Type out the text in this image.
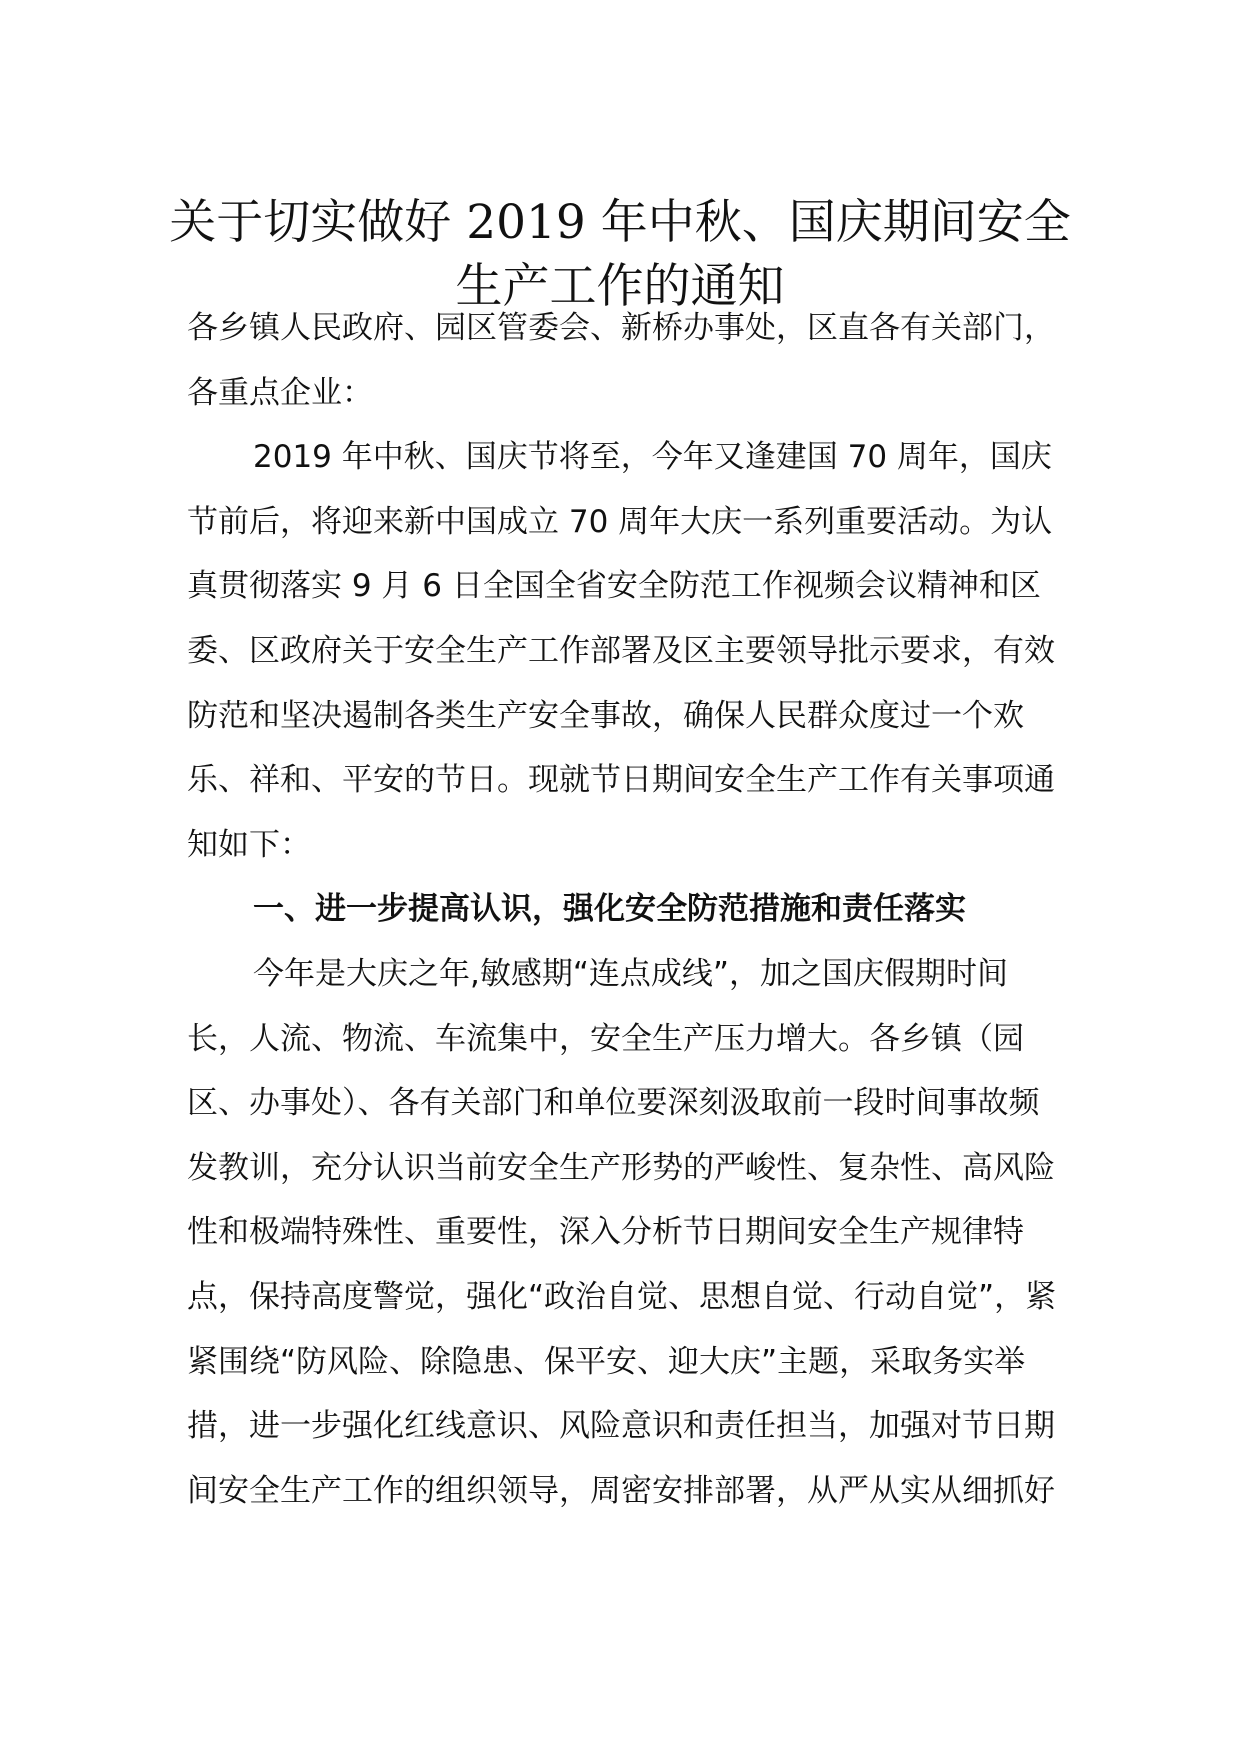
关于切实做好 2019 年中秋、国庆期间安全
生产工作的通知

各乡镇人民政府、园区管委会、新桥办事处，区直各有关部门，各重点企业：

2019 年中秋、国庆节将至，今年又逢建国 70 周年，国庆节前后，将迎来新中国成立 70 周年大庆一系列重要活动。为认真贯彻落实 9 月 6 日全国全省安全防范工作视频会议精神和区委、区政府关于安全生产工作部署及区主要领导批示要求，有效防范和坚决遏制各类生产安全事故，确保人民群众度过一个欢乐、祥和、平安的节日。现就节日期间安全生产工作有关事项通知如下：

一、进一步提高认识，强化安全防范措施和责任落实

今年是大庆之年,敏感期“连点成线”，加之国庆假期时间长，人流、物流、车流集中，安全生产压力增大。各乡镇（园区、办事处）、各有关部门和单位要深刻汲取前一段时间事故频发教训，充分认识当前安全生产形势的严峻性、复杂性、高风险性和极端特殊性、重要性，深入分析节日期间安全生产规律特点，保持高度警觉，强化“政治自觉、思想自觉、行动自觉”，紧紧围绕“防风险、除隐患、保平安、迎大庆”主题，采取务实举措，进一步强化红线意识、风险意识和责任担当，加强对节日期间安全生产工作的组织领导，周密安排部署，从严从实从细抓好
